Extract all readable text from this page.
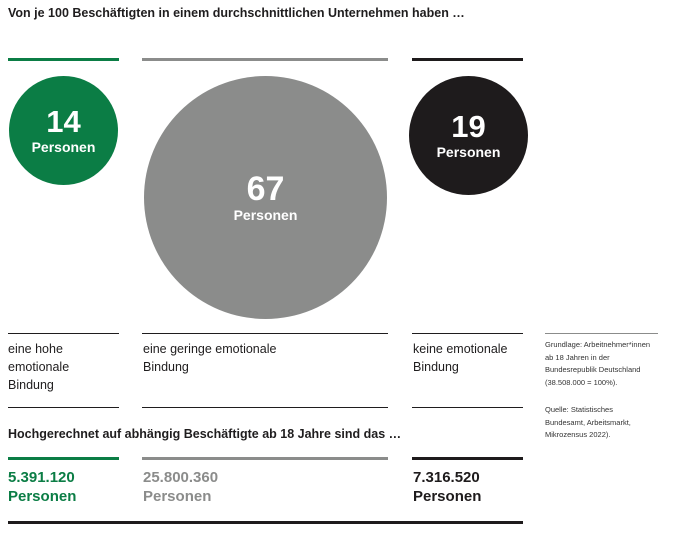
Von je 100 Beschäftigten in einem durchschnittlichen Unternehmen haben …
14
Personen
eine hohe
emotionale
Bindung
5.391.120
Personen
67
Personen
eine geringe emotionale
Bindung
25.800.360
Personen
19
Personen
keine emotionale
Bindung
7.316.520
Personen
Hochgerechnet auf abhängig Beschäftigte ab 18 Jahre sind das …
Grundlage: Arbeitnehmer*innen
ab 18 Jahren in der
Bundesrepublik Deutschland
(38.508.000 = 100%).
Quelle: Statistisches
Bundesamt, Arbeitsmarkt,
Mikrozensus 2022).
